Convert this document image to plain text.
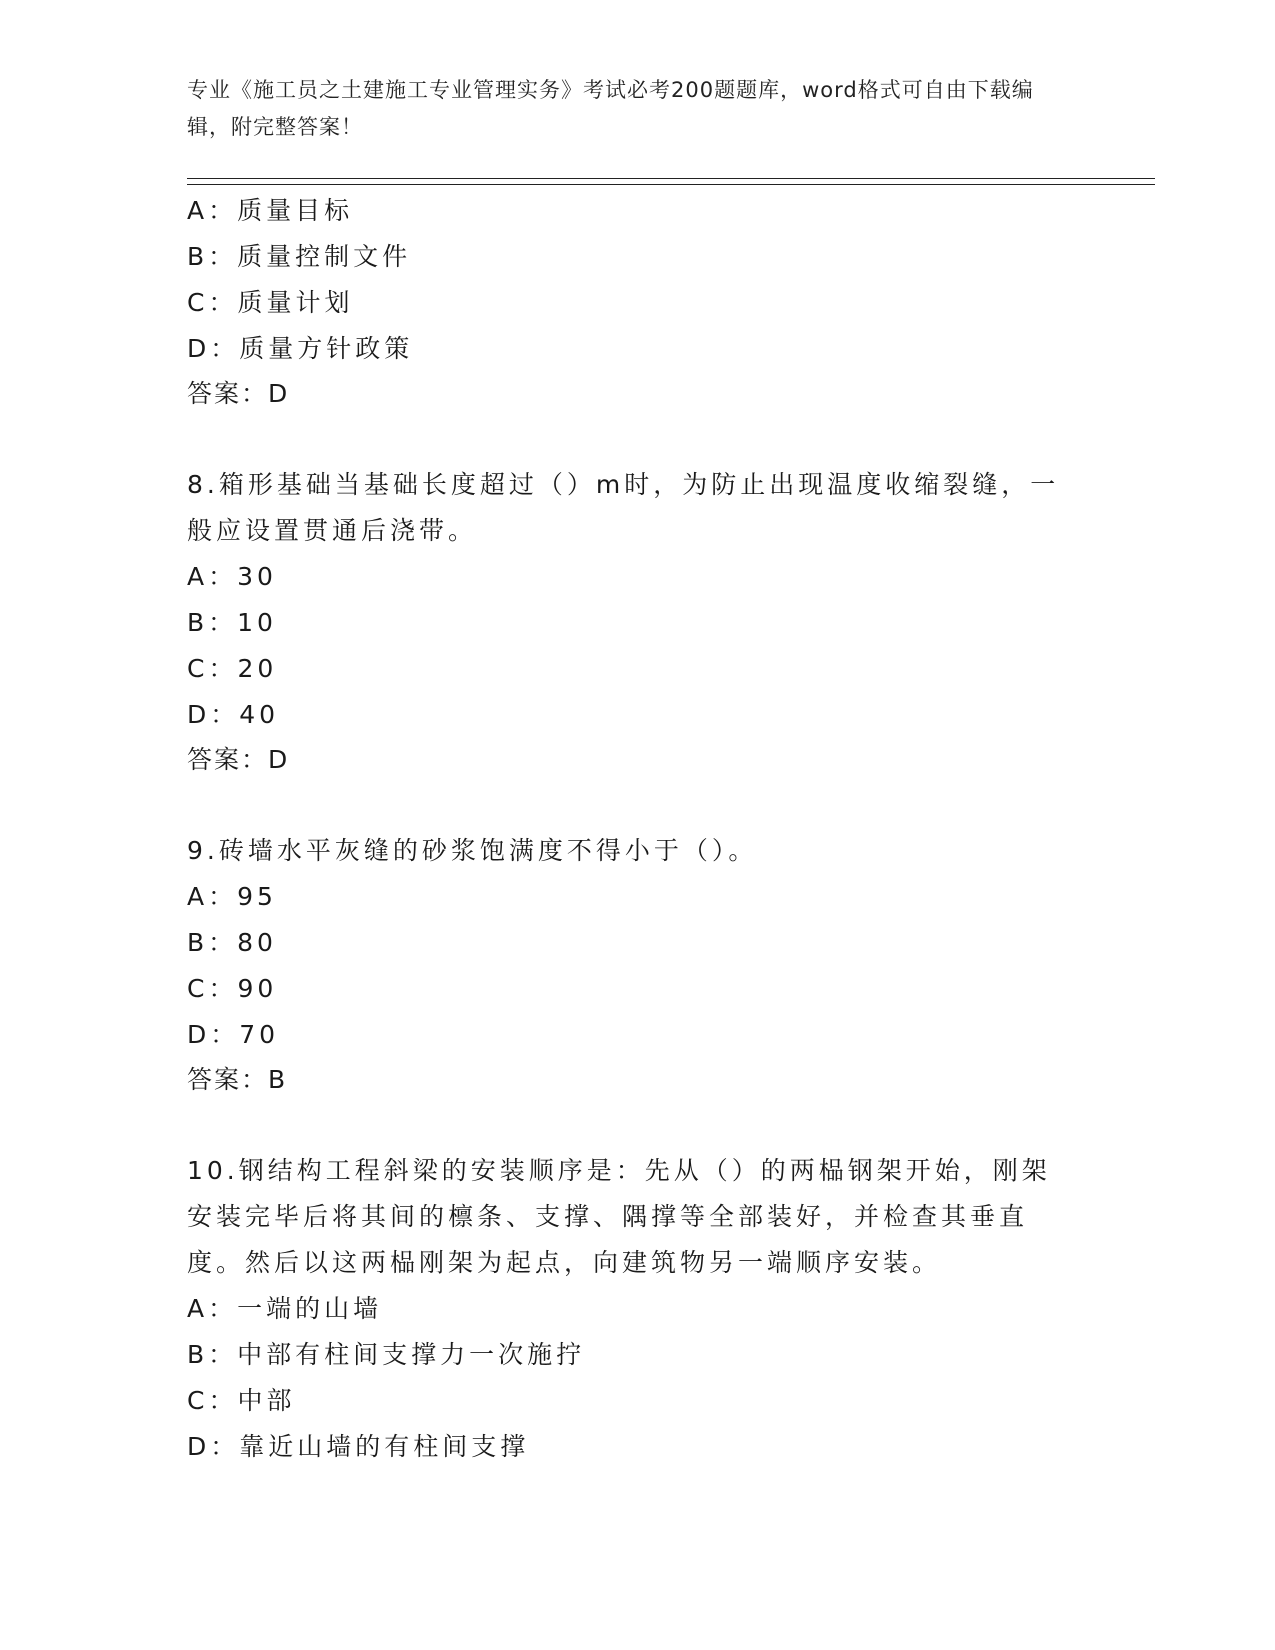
专业《施工员之土建施工专业管理实务》考试必考200题题库，word格式可自由下载编辑，附完整答案！
A：质量目标
B：质量控制文件
C：质量计划
D：质量方针政策
答案：D
8.箱形基础当基础长度超过（）m时，为防止出现温度收缩裂缝，一般应设置贯通后浇带。
A：30
B：10
C：20
D：40
答案：D
9.砖墙水平灰缝的砂浆饱满度不得小于（）。
A：95
B：80
C：90
D：70
答案：B
10.钢结构工程斜梁的安装顺序是：先从（）的两榀钢架开始，刚架安装完毕后将其间的檩条、支撑、隅撑等全部装好，并检查其垂直度。然后以这两榀刚架为起点，向建筑物另一端顺序安装。
A：一端的山墙
B：中部有柱间支撑力一次施拧
C：中部
D：靠近山墙的有柱间支撑
